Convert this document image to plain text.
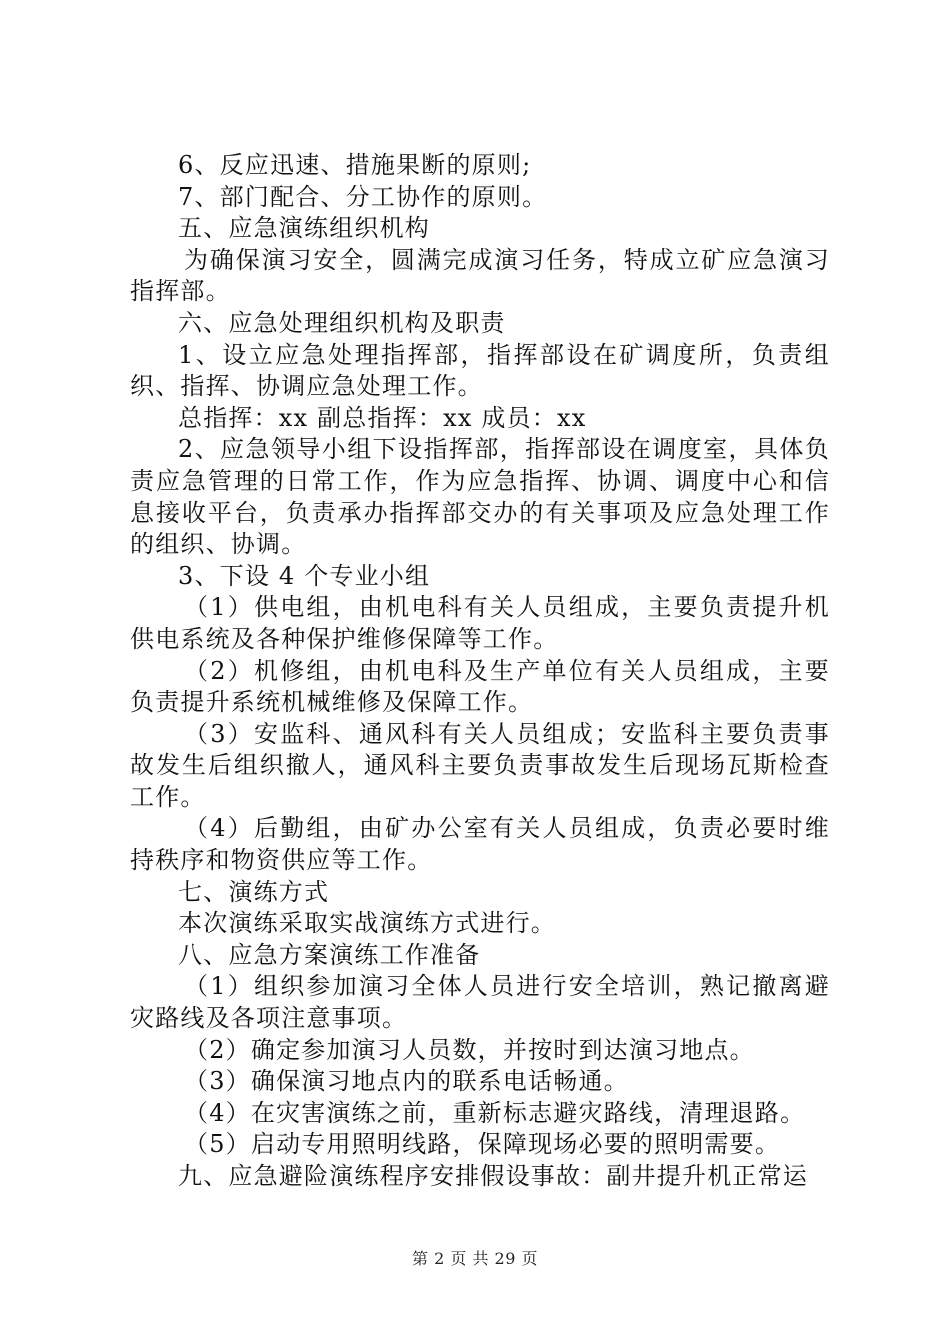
6、反应迅速、措施果断的原则;

7、部门配合、分工协作的原则。

五、应急演练组织机构

为确保演习安全，圆满完成演习任务，特成立矿应急演习指挥部。

六、应急处理组织机构及职责

1、设立应急处理指挥部，指挥部设在矿调度所，负责组织、指挥、协调应急处理工作。

总指挥：xx 副总指挥：xx 成员：xx

2、应急领导小组下设指挥部，指挥部设在调度室，具体负责应急管理的日常工作，作为应急指挥、协调、调度中心和信息接收平台，负责承办指挥部交办的有关事项及应急处理工作的组织、协调。

3、下设 4 个专业小组

（1）供电组，由机电科有关人员组成，主要负责提升机供电系统及各种保护维修保障等工作。

（2）机修组，由机电科及生产单位有关人员组成，主要负责提升系统机械维修及保障工作。

（3）安监科、通风科有关人员组成；安监科主要负责事故发生后组织撤人，通风科主要负责事故发生后现场瓦斯检查工作。

（4）后勤组，由矿办公室有关人员组成，负责必要时维持秩序和物资供应等工作。

七、演练方式

本次演练采取实战演练方式进行。

八、应急方案演练工作准备

（1）组织参加演习全体人员进行安全培训，熟记撤离避灾路线及各项注意事项。

（2）确定参加演习人员数，并按时到达演习地点。

（3）确保演习地点内的联系电话畅通。

（4）在灾害演练之前，重新标志避灾路线，清理退路。

（5）启动专用照明线路，保障现场必要的照明需要。

九、应急避险演练程序安排假设事故：副井提升机正常运

第 2 页 共 29 页
